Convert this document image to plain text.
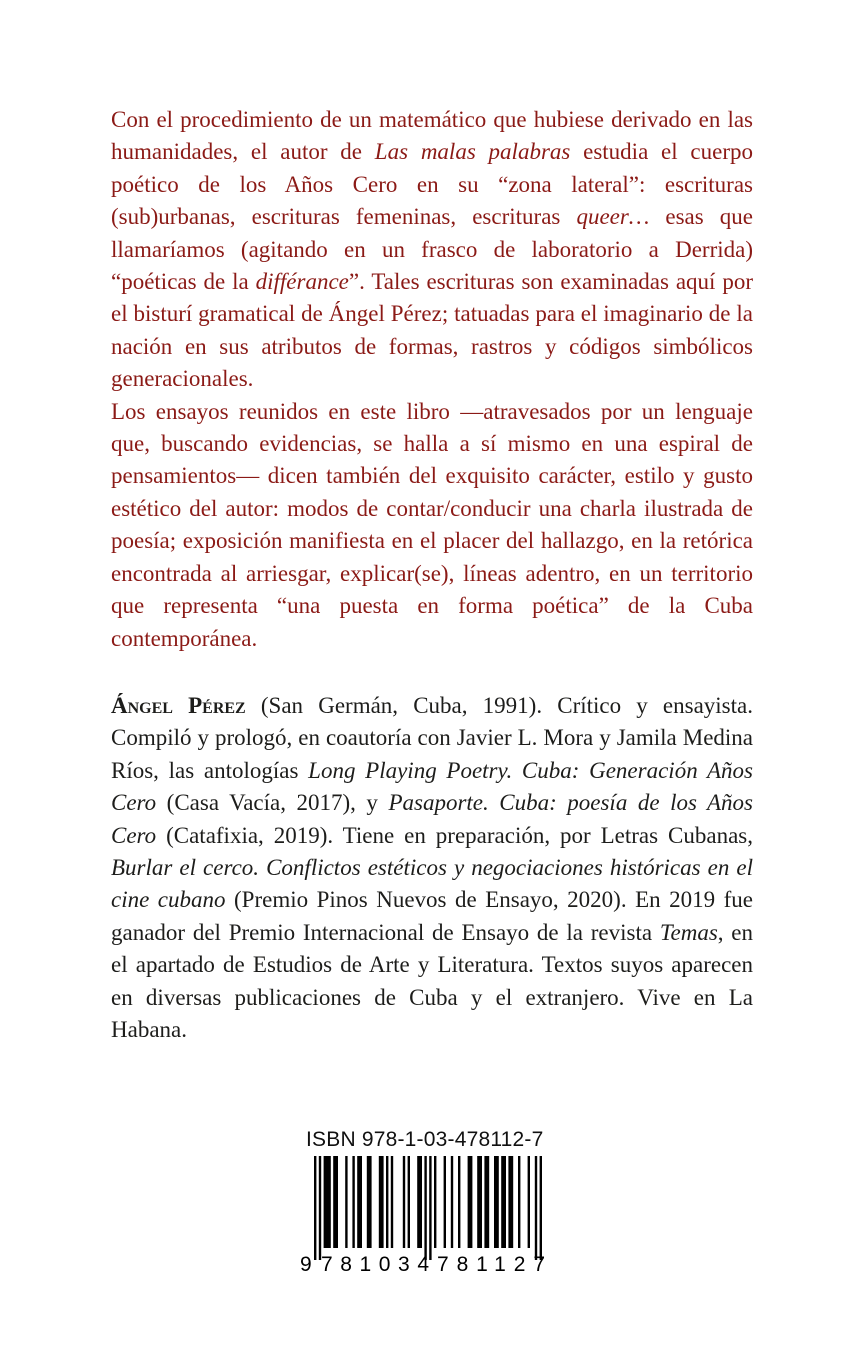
Con el procedimiento de un matemático que hubiese derivado en las humanidades, el autor de Las malas palabras estudia el cuerpo poético de los Años Cero en su “zona lateral”: escrituras (sub)urbanas, escrituras femeninas, escrituras queer… esas que llamaríamos (agitando en un frasco de laboratorio a Derrida) “poéticas de la différance”. Tales escrituras son examinadas aquí por el bisturí gramatical de Ángel Pérez; tatuadas para el imaginario de la nación en sus atributos de formas, rastros y códigos simbólicos generacionales.

Los ensayos reunidos en este libro —atravesados por un lenguaje que, buscando evidencias, se halla a sí mismo en una espiral de pensamientos— dicen también del exquisito carácter, estilo y gusto estético del autor: modos de contar/conducir una charla ilustrada de poesía; exposición manifiesta en el placer del hallazgo, en la retórica encontrada al arriesgar, explicar(se), líneas adentro, en un territorio que representa “una puesta en forma poética” de la Cuba contemporánea.

Ángel Pérez (San Germán, Cuba, 1991). Crítico y ensayista. Compiló y prologó, en coautoría con Javier L. Mora y Jamila Medina Ríos, las antologías Long Playing Poetry. Cuba: Generación Años Cero (Casa Vacía, 2017), y Pasaporte. Cuba: poesía de los Años Cero (Catafixia, 2019). Tiene en preparación, por Letras Cubanas, Burlar el cerco. Conflictos estéticos y negociaciones históricas en el cine cubano (Premio Pinos Nuevos de Ensayo, 2020). En 2019 fue ganador del Premio Internacional de Ensayo de la revista Temas, en el apartado de Estudios de Arte y Literatura. Textos suyos aparecen en diversas publicaciones de Cuba y el extranjero. Vive en La Habana.

ISBN 978-1-03-478112-7
9 781034 781127
